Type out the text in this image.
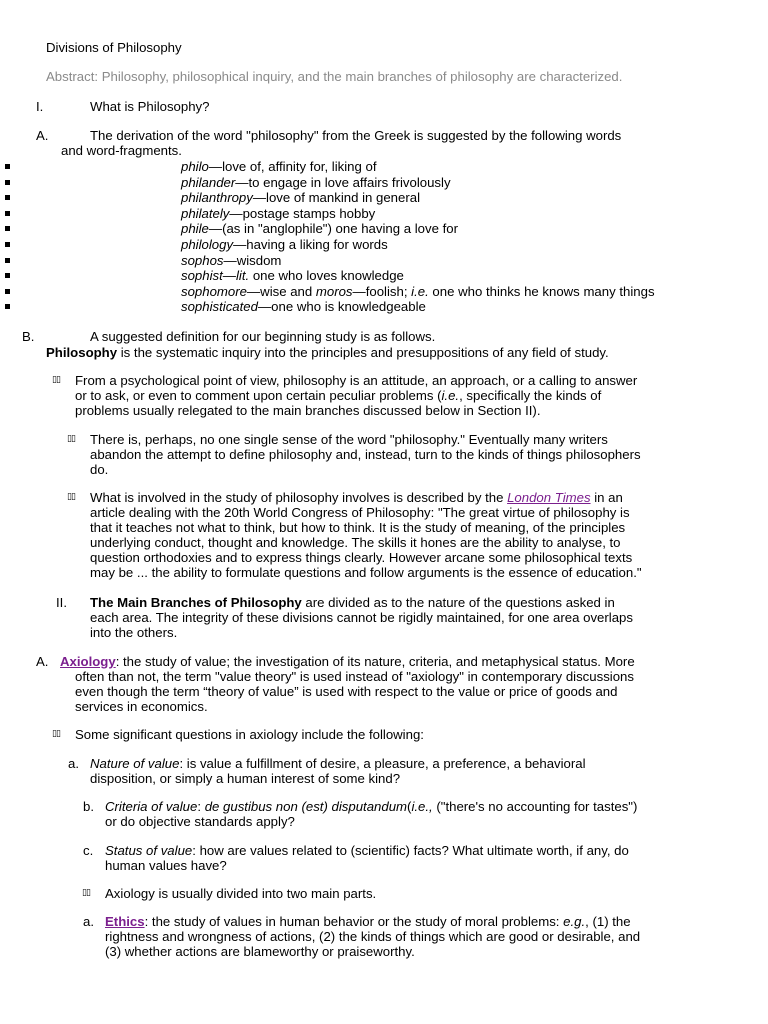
Divisions of Philosophy
Abstract: Philosophy, philosophical inquiry, and the main branches of philosophy are characterized.
I.	What is Philosophy?
A.	The derivation of the word "philosophy" from the Greek is suggested by the following words
and word-fragments.
philo—love of, affinity for, liking of
philander—to engage in love affairs frivolously
philanthropy—love of mankind in general
philately—postage stamps hobby
phile—(as in "anglophile") one having a love for
philology—having a liking for words
sophos—wisdom
sophist—lit. one who loves knowledge
sophomore—wise and moros—foolish; i.e. one who thinks he knows many things
sophisticated—one who is knowledgeable
B.	A suggested definition for our beginning study is as follows.
Philosophy is the systematic inquiry into the principles and presuppositions of any field of study.
▯▯ From a psychological point of view, philosophy is an attitude, an approach, or a calling to answer
or to ask, or even to comment upon certain peculiar problems (i.e., specifically the kinds of
problems usually relegated to the main branches discussed below in Section II).
▯▯ There is, perhaps, no one single sense of the word "philosophy." Eventually many writers
abandon the attempt to define philosophy and, instead, turn to the kinds of things philosophers
do.
▯▯ What is involved in the study of philosophy involves is described by the London Times in an
article dealing with the 20th World Congress of Philosophy: "The great virtue of philosophy is
that it teaches not what to think, but how to think. It is the study of meaning, of the principles
underlying conduct, thought and knowledge. The skills it hones are the ability to analyse, to
question orthodoxies and to express things clearly. However arcane some philosophical texts
may be ... the ability to formulate questions and follow arguments is the essence of education."
II. The Main Branches of Philosophy are divided as to the nature of the questions asked in
each area. The integrity of these divisions cannot be rigidly maintained, for one area overlaps
into the others.
A. Axiology: the study of value; the investigation of its nature, criteria, and metaphysical status. More
often than not, the term "value theory" is used instead of "axiology" in contemporary discussions
even though the term “theory of value” is used with respect to the value or price of goods and
services in economics.
▯▯ Some significant questions in axiology include the following:
a. Nature of value: is value a fulfillment of desire, a pleasure, a preference, a behavioral
disposition, or simply a human interest of some kind?
b. Criteria of value: de gustibus non (est) disputandum(i.e., ("there's no accounting for tastes")
or do objective standards apply?
c. Status of value: how are values related to (scientific) facts? What ultimate worth, if any, do
human values have?
▯▯ Axiology is usually divided into two main parts.
a. Ethics: the study of values in human behavior or the study of moral problems: e.g., (1) the
rightness and wrongness of actions, (2) the kinds of things which are good or desirable, and
(3) whether actions are blameworthy or praiseworthy.
